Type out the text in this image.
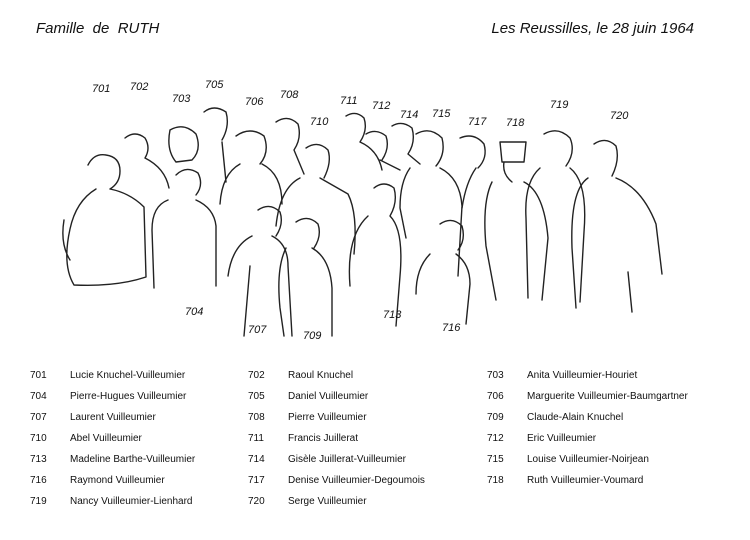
Famille  de  RUTH	Les Reussilles, le 28 juin 1964
701 702
703
705
706
708
710
711 712
714 715
717 718
719
720
704
707	709
713
716
701 Lucie Knuchel-Vuilleumier	702 Raoul Knuchel	703 Anita Vuilleumier-Houriet
704 Pierre-Hugues Vuilleumier	705 Daniel Vuilleumier	706 Marguerite Vuilleumier-Baumgartner
707 Laurent Vuilleumier	708 Pierre Vuilleumier	709 Claude-Alain Knuchel
710 Abel Vuilleumier	711 Francis Juillerat	712 Eric Vuilleumier
713 Madeline Barthe-Vuilleumier	714 Gisèle Juillerat-Vuilleumier	715 Louise Vuilleumier-Noirjean
716 Raymond Vuilleumier	717 Denise Vuilleumier-Degoumois	718 Ruth Vuilleumier-Voumard
719 Nancy Vuilleumier-Lienhard	720 Serge Vuilleumier
